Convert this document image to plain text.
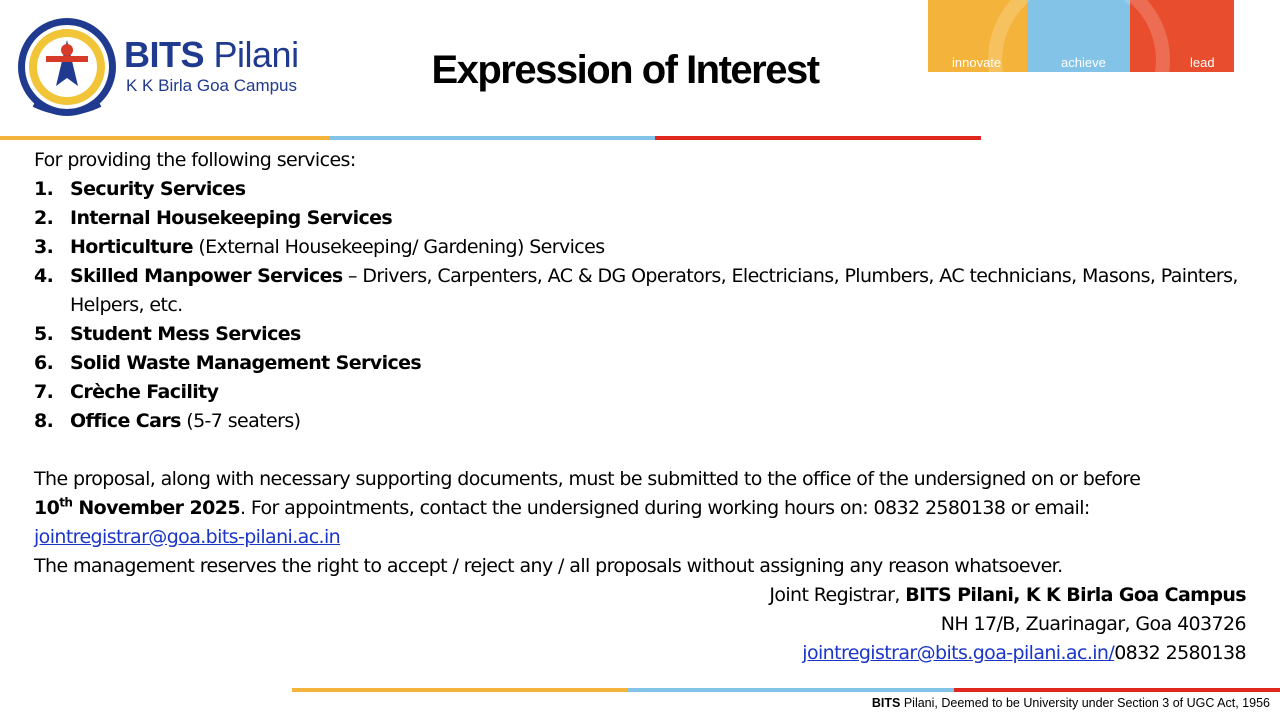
BITS Pilani
K K Birla Goa Campus	Expression of Interest	innovate	achieve	lead

For providing the following services:

1. Security Services
2. Internal Housekeeping Services
3. Horticulture (External Housekeeping/ Gardening) Services
4. Skilled Manpower Services – Drivers, Carpenters, AC & DG Operators, Electricians, Plumbers, AC technicians, Masons, Painters, Helpers, etc.
5. Student Mess Services
6. Solid Waste Management Services
7. Crèche Facility
8. Office Cars (5-7 seaters)

The proposal, along with necessary supporting documents, must be submitted to the office of the undersigned on or before
10th November 2025. For appointments, contact the undersigned during working hours on: 0832 2580138 or email:
jointregistrar@goa.bits-pilani.ac.in

The management reserves the right to accept / reject any / all proposals without assigning any reason whatsoever.

Joint Registrar, BITS Pilani, K K Birla Goa Campus

NH 17/B, Zuarinagar, Goa 403726

jointregistrar@bits.goa-pilani.ac.in/0832 2580138

BITS Pilani, Deemed to be University under Section 3 of UGC Act, 1956
